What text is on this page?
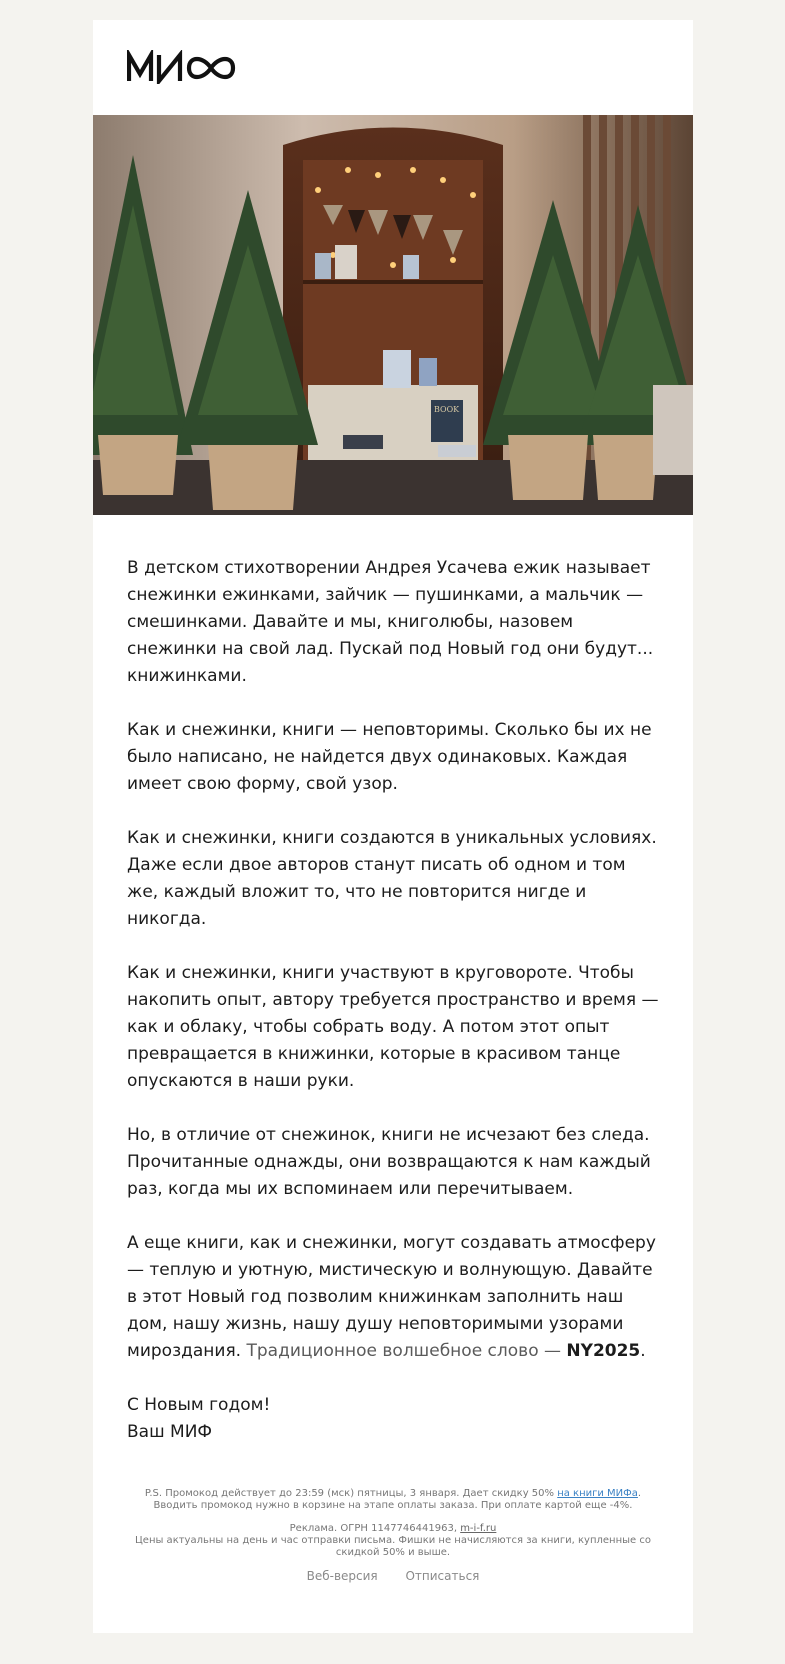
BOOK

В детском стихотворении Андрея Усачева ежик называет снежинки ежинками, зайчик — пушинками, а мальчик — смешинками. Давайте и мы, книголюбы, назовем снежинки на свой лад. Пускай под Новый год они будут... книжинками.

Как и снежинки, книги — неповторимы. Сколько бы их не было написано, не найдется двух одинаковых. Каждая имеет свою форму, свой узор.

Как и снежинки, книги создаются в уникальных условиях. Даже если двое авторов станут писать об одном и том же, каждый вложит то, что не повторится нигде и никогда.

Как и снежинки, книги участвуют в круговороте. Чтобы накопить опыт, автору требуется пространство и время — как и облаку, чтобы собрать воду. А потом этот опыт превращается в книжинки, которые в красивом танце опускаются в наши руки.

Но, в отличие от снежинок, книги не исчезают без следа. Прочитанные однажды, они возвращаются к нам каждый раз, когда мы их вспоминаем или перечитываем.

А еще книги, как и снежинки, могут создавать атмосферу — теплую и уютную, мистическую и волнующую. Давайте в этот Новый год позволим книжинкам заполнить наш дом, нашу жизнь, нашу душу неповторимыми узорами мироздания. Традиционное волшебное слово — NY2025.

С Новым годом!
Ваш МИФ

P.S. Промокод действует до 23:59 (мск) пятницы, 3 января. Дает скидку 50% на книги МИФа. Вводить промокод нужно в корзине на этапе оплаты заказа. При оплате картой еще -4%.

Реклама. ОГРН 1147746441963, m-i-f.ru
Цены актуальны на день и час отправки письма. Фишки не начисляются за книги, купленные со скидкой 50% и выше.

Веб-версия Отписаться
